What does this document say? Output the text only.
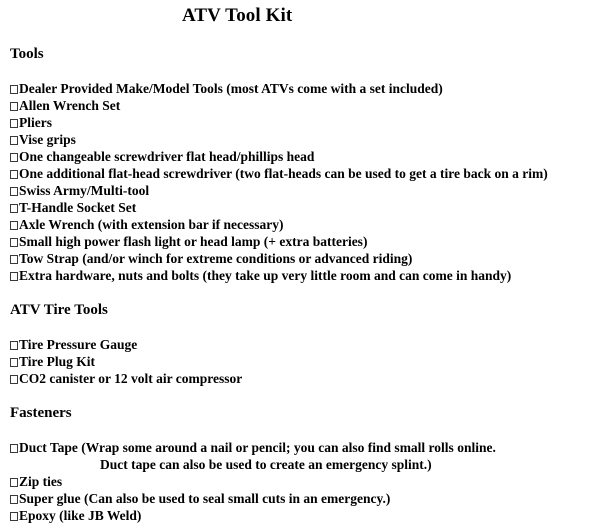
ATV Tool Kit

Tools

Dealer Provided Make/Model Tools (most ATVs come with a set included)
Allen Wrench Set
Pliers
Vise grips
One changeable screwdriver flat head/phillips head
One additional flat-head screwdriver (two flat-heads can be used to get a tire back on a rim)
Swiss Army/Multi-tool
T-Handle Socket Set
Axle Wrench (with extension bar if necessary)
Small high power flash light or head lamp (+ extra batteries)
Tow Strap (and/or winch for extreme conditions or advanced riding)
Extra hardware, nuts and bolts (they take up very little room and can come in handy)

ATV Tire Tools

Tire Pressure Gauge
Tire Plug Kit
CO2 canister or 12 volt air compressor

Fasteners

Duct Tape (Wrap some around a nail or pencil; you can also find small rolls online.
Duct tape can also be used to create an emergency splint.)
Zip ties
Super glue (Can also be used to seal small cuts in an emergency.)
Epoxy (like JB Weld)
